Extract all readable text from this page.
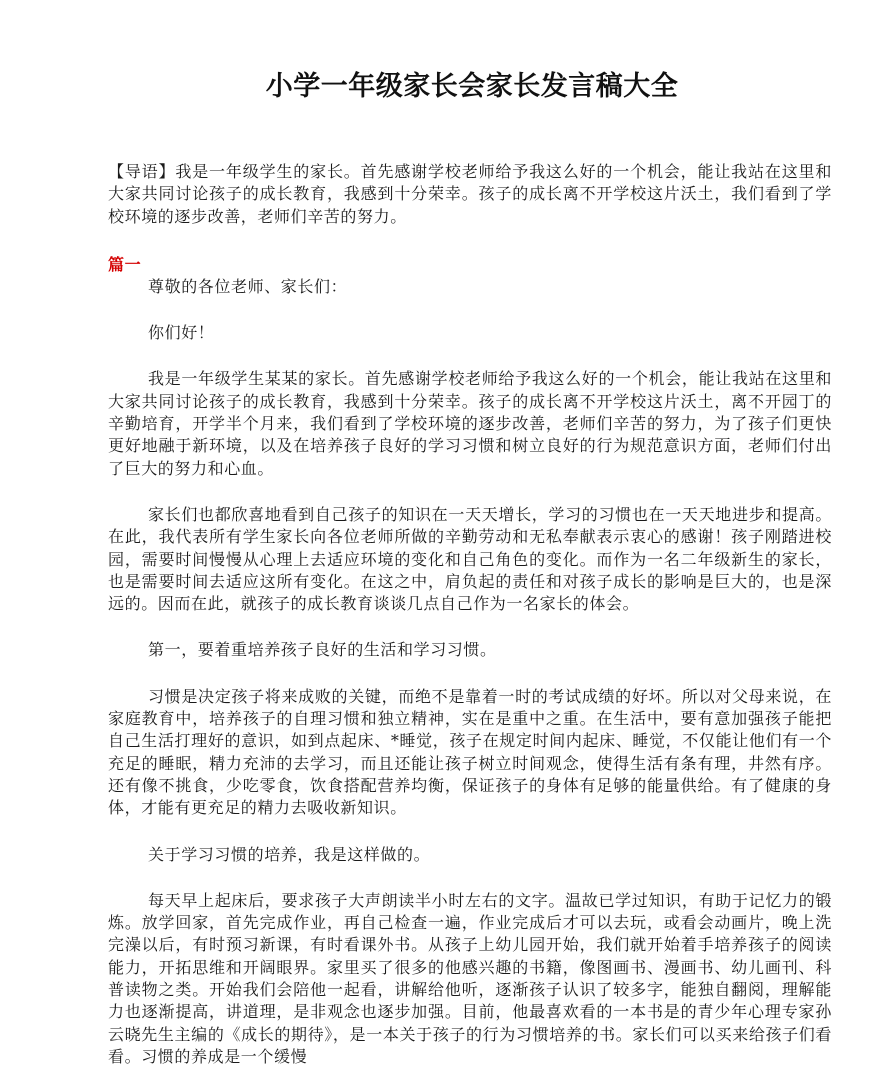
小学一年级家长会家长发言稿大全

【导语】我是一年级学生的家长。首先感谢学校老师给予我这么好的一个机会，能让我站在这里和大家共同讨论孩子的成长教育，我感到十分荣幸。孩子的成长离不开学校这片沃土，我们看到了学校环境的逐步改善，老师们辛苦的努力。

篇一

尊敬的各位老师、家长们：

你们好！

我是一年级学生某某的家长。首先感谢学校老师给予我这么好的一个机会，能让我站在这里和大家共同讨论孩子的成长教育，我感到十分荣幸。孩子的成长离不开学校这片沃土，离不开园丁的辛勤培育，开学半个月来，我们看到了学校环境的逐步改善，老师们辛苦的努力，为了孩子们更快更好地融于新环境，以及在培养孩子良好的学习习惯和树立良好的行为规范意识方面，老师们付出了巨大的努力和心血。

家长们也都欣喜地看到自己孩子的知识在一天天增长，学习的习惯也在一天天地进步和提高。在此，我代表所有学生家长向各位老师所做的辛勤劳动和无私奉献表示衷心的感谢！孩子刚踏进校园，需要时间慢慢从心理上去适应环境的变化和自己角色的变化。而作为一名二年级新生的家长，也是需要时间去适应这所有变化。在这之中，肩负起的责任和对孩子成长的影响是巨大的，也是深远的。因而在此，就孩子的成长教育谈谈几点自己作为一名家长的体会。

第一，要着重培养孩子良好的生活和学习习惯。

习惯是决定孩子将来成败的关键，而绝不是靠着一时的考试成绩的好坏。所以对父母来说，在家庭教育中，培养孩子的自理习惯和独立精神，实在是重中之重。在生活中，要有意加强孩子能把自己生活打理好的意识，如到点起床、*睡觉，孩子在规定时间内起床、睡觉，不仅能让他们有一个充足的睡眠，精力充沛的去学习，而且还能让孩子树立时间观念，使得生活有条有理，井然有序。还有像不挑食，少吃零食，饮食搭配营养均衡，保证孩子的身体有足够的能量供给。有了健康的身体，才能有更充足的精力去吸收新知识。

关于学习习惯的培养，我是这样做的。

每天早上起床后，要求孩子大声朗读半小时左右的文字。温故已学过知识，有助于记忆力的锻炼。放学回家，首先完成作业，再自己检查一遍，作业完成后才可以去玩，或看会动画片，晚上洗完澡以后，有时预习新课，有时看课外书。从孩子上幼儿园开始，我们就开始着手培养孩子的阅读能力，开拓思维和开阔眼界。家里买了很多的他感兴趣的书籍，像图画书、漫画书、幼儿画刊、科普读物之类。开始我们会陪他一起看，讲解给他听，逐渐孩子认识了较多字，能独自翻阅，理解能力也逐渐提高，讲道理，是非观念也逐步加强。目前，他最喜欢看的一本书是的青少年心理专家孙云晓先生主编的《成长的期待》，是一本关于孩子的行为习惯培养的书。家长们可以买来给孩子们看看。习惯的养成是一个缓慢
